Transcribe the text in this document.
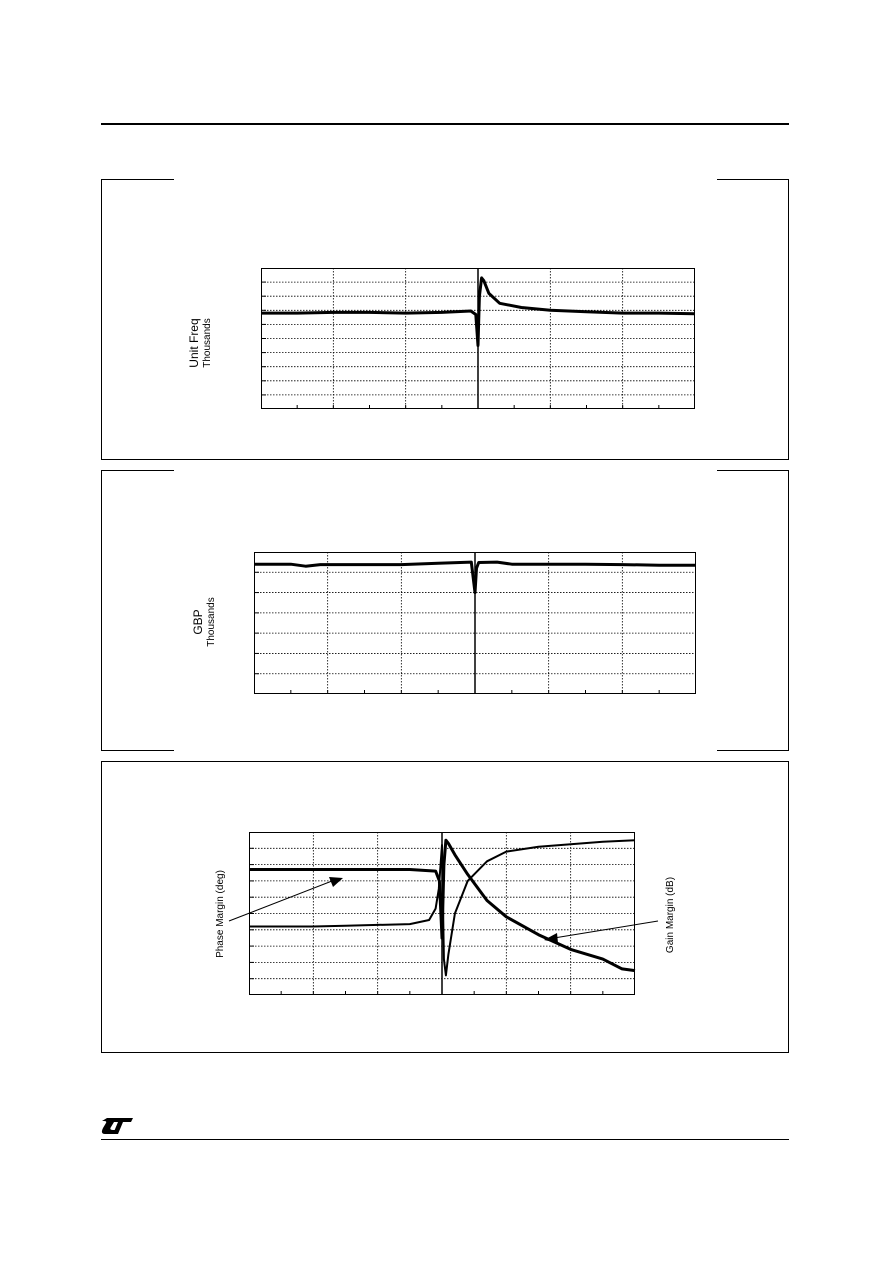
Unit Freq Thousands
GBP Thousands
Phase Margin (deg)	Gain Margin (dB)
